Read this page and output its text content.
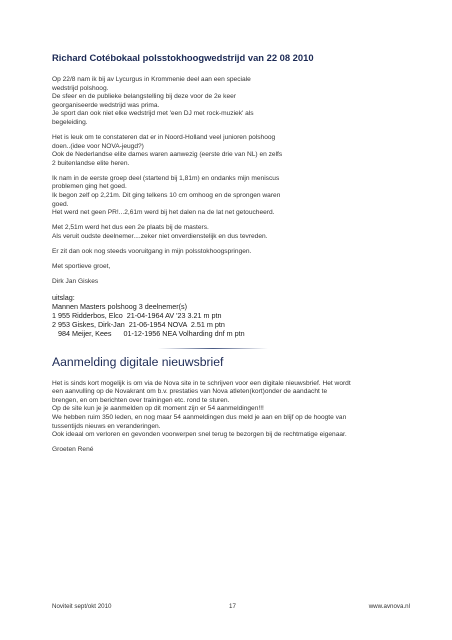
Richard Cotébokaal polsstokhoogwedstrijd van 22 08 2010
Op 22/8 nam ik bij av Lycurgus in Krommenie deel aan een speciale
wedstrijd polshoog.
De sfeer en de publieke belangstelling bij deze voor de 2e keer
georganiseerde wedstrijd was prima.
Je sport dan ook niet elke wedstrijd met 'een DJ met rock-muziek' als
begeleiding.
Het is leuk om te constateren dat er in Noord-Holland veel junioren polshoog
doen..(idee voor NOVA-jeugd?)
Ook de Nederlandse elite dames waren aanwezig (eerste drie van NL) en zelfs
2 buitenlandse elite heren.
Ik nam in de eerste groep deel (startend bij 1,81m) en ondanks mijn meniscus
problemen ging het goed.
Ik begon zelf op 2,21m. Dit ging telkens 10 cm omhoog en de sprongen waren
goed.
Het werd net geen PR!...2,61m werd bij het dalen na de lat net getoucheerd.
Met 2,51m werd het dus een 2e plaats bij de masters.
Als veruit oudste deelnemer....zeker niet onverdienstelijk en dus tevreden.
Er zit dan ook nog steeds vooruitgang in mijn polsstokhoogspringen.
Met sportieve groet,
Dirk Jan Giskes
uitslag:
Mannen Masters polshoog 3 deelnemer(s)
1 955 Ridderbos, Elco  21-04-1964 AV '23 3.21 m ptn
2 953 Giskes, Dirk-Jan  21-06-1954 NOVA  2.51 m ptn
984 Meijer, Kees      01-12-1956 NEA Volharding dnf m ptn
Aanmelding digitale nieuwsbrief
Het is sinds kort mogelijk is om via de Nova site in te schrijven voor een digitale nieuwsbrief. Het wordt
een aanvulling op de Novakrant om b.v. prestaties van Nova atleten(kort)onder de aandacht te
brengen, en om berichten over trainingen etc. rond te sturen.
Op de site kun je je aanmelden op dit moment zijn er 54 aanmeldingen!!!
We hebben ruim 350 leden, en nog maar 54 aanmeldingen dus meld je aan en blijf op de hoogte van
tussentijds nieuws en veranderingen.
Ook ideaal om verloren en gevonden voorwerpen snel terug te bezorgen bij de rechtmatige eigenaar.
Groeten René
Noviteit sept/okt 2010	17	www.avnova.nl
